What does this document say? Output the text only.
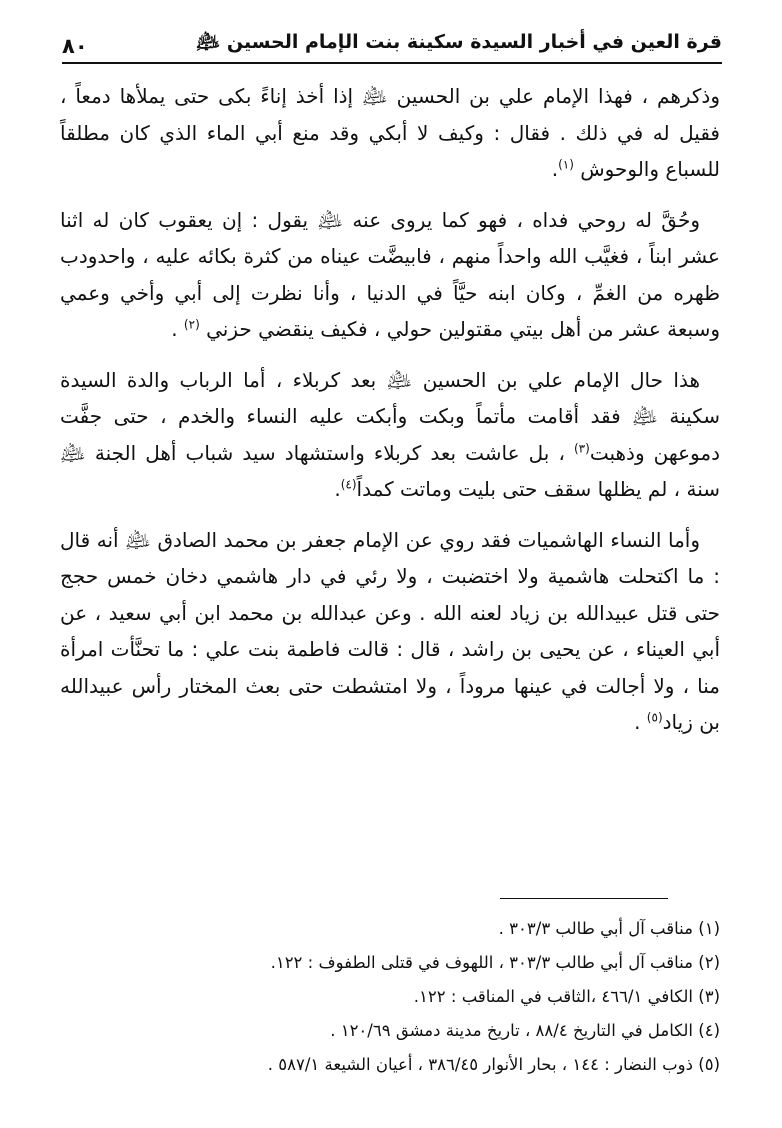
٨٠	قرة العين في أخبار السيدة سكينة بنت الإمام الحسين ﵇

وذكرهم ، فهذا الإمام علي بن الحسين ﵇ إذا أخذ إناءً بكى حتى يملأها دمعاً ، فقيل له في ذلك . فقال : وكيف لا أبكي وقد منع أبي الماء الذي كان مطلقاً للسباع والوحوش $^{(١)}$.

وحُقَّ له روحي فداه ، فهو كما يروى عنه ﵇ يقول : إن يعقوب كان له اثنا عشر ابناً ، فغيَّب الله واحداً منهم ، فابيضَّت عيناه من كثرة بكائه عليه ، واحدودب ظهره من الغمِّ ، وكان ابنه حيَّاً في الدنيا ، وأنا نظرت إلى أبي وأخي وعمي وسبعة عشر من أهل بيتي مقتولين حولي ، فكيف ينقضي حزني $^{(٢)}$ .

هذا حال الإمام علي بن الحسين ﵇ بعد كربلاء ، أما الرباب والدة السيدة سكينة ﵇ فقد أقامت مأتماً وبكت وأبكت عليه النساء والخدم ، حتى جفَّت دموعهن وذهبت$^{(٣)}$ ، بل عاشت بعد كربلاء واستشهاد سيد شباب أهل الجنة ﵇ سنة ، لم يظلها سقف حتى بليت وماتت كمداً$^{(٤)}$.

وأما النساء الهاشميات فقد روي عن الإمام جعفر بن محمد الصادق ﵇ أنه قال : ما اكتحلت هاشمية ولا اختضبت ، ولا رئي في دار هاشمي دخان خمس حجج حتى قتل عبيدالله بن زياد لعنه الله . وعن عبدالله بن محمد ابن أبي سعيد ، عن أبي العيناء ، عن يحيى بن راشد ، قال : قالت فاطمة بنت علي : ما تحنَّأت امرأة منا ، ولا أجالت في عينها مروداً ، ولا امتشطت حتى بعث المختار رأس عبيدالله بن زياد$^{(٥)}$ .

(١) مناقب آل أبي طالب ٣٠٣/٣ .

(٢) مناقب آل أبي طالب ٣٠٣/٣ ، اللهوف في قتلى الطفوف : ١٢٢.

(٣) الكافي ٤٦٦/١ ،الثاقب في المناقب : ١٢٢.

(٤) الكامل في التاريخ ٨٨/٤ ، تاريخ مدينة دمشق ١٢٠/٦٩ .

(٥) ذوب النضار : ١٤٤ ، بحار الأنوار ٣٨٦/٤٥ ، أعيان الشيعة ٥٨٧/١ .
